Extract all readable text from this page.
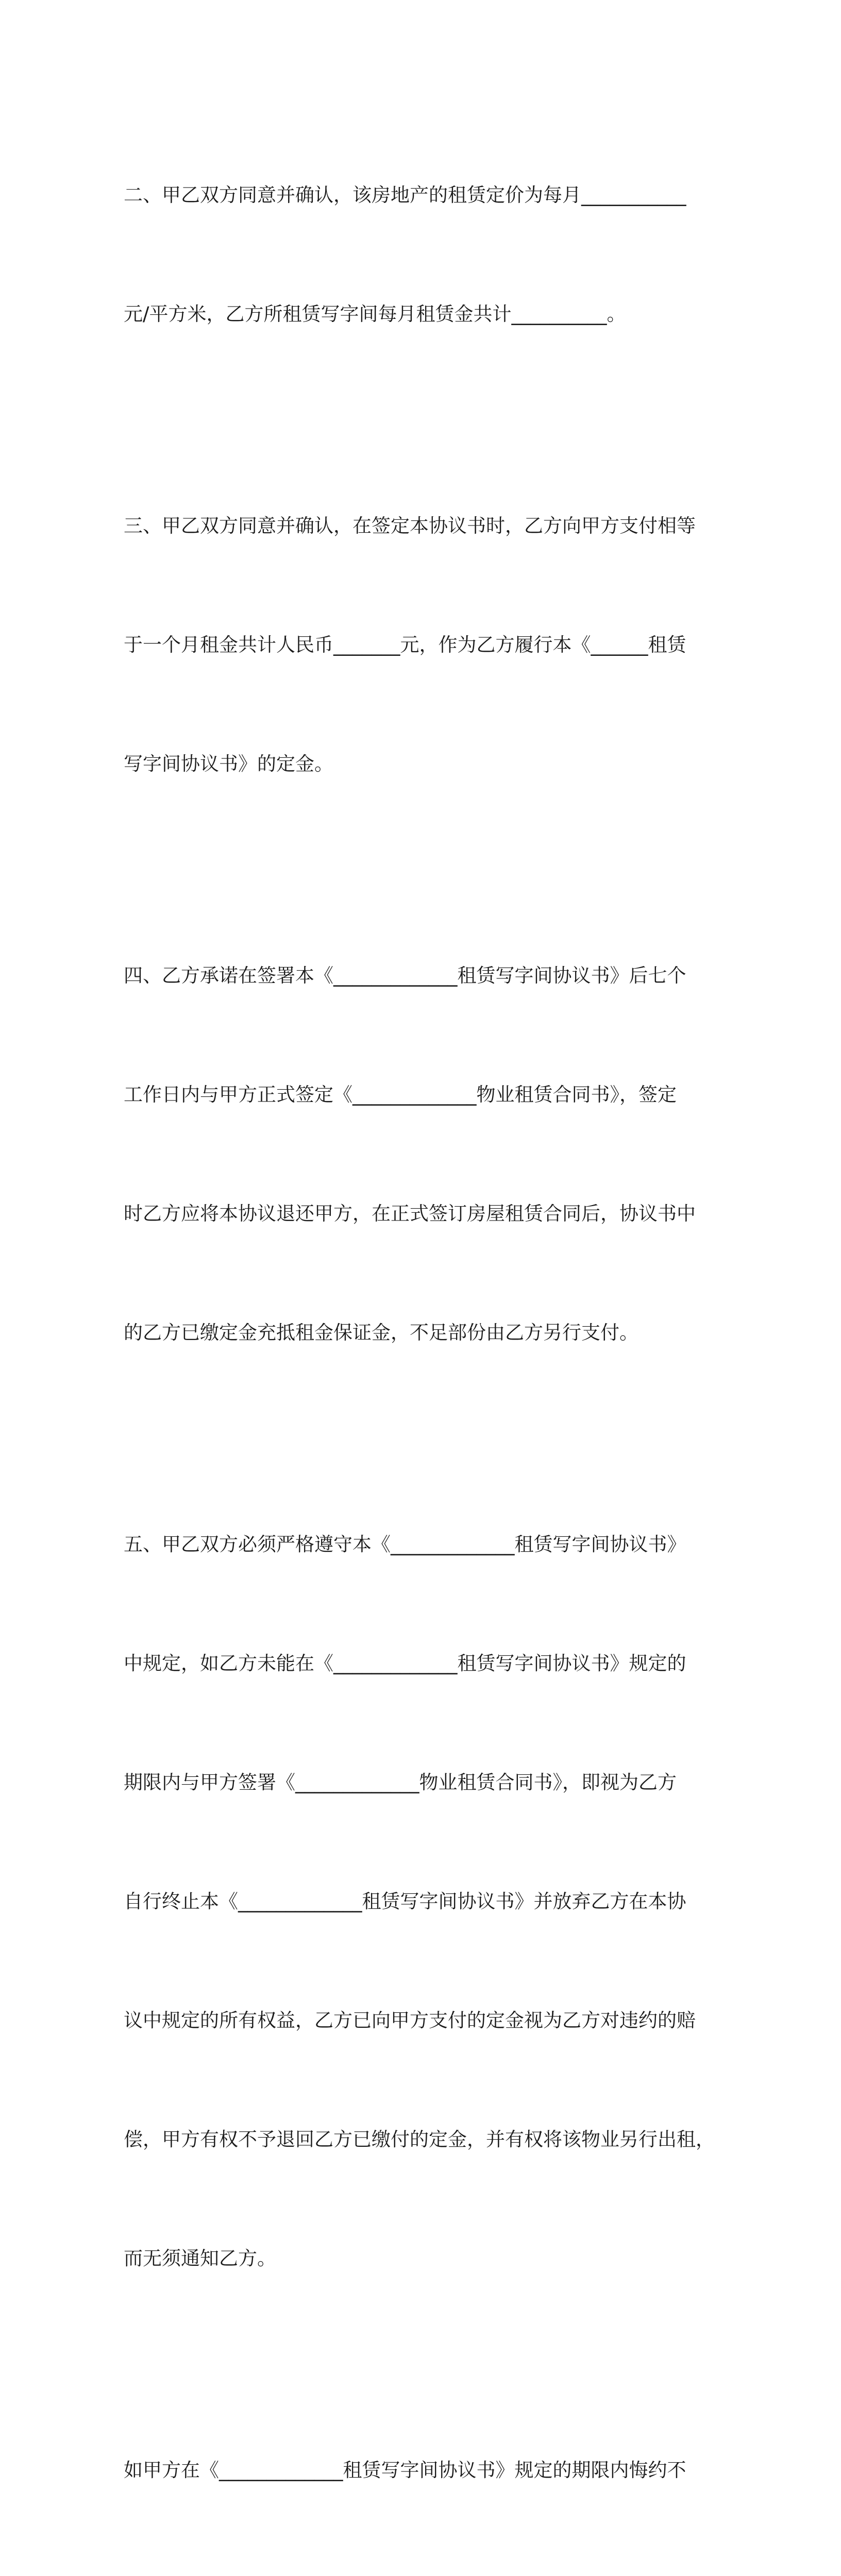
二、甲乙双方同意并确认，该房地产的租赁定价为每月___________

元/平方米，乙方所租赁写字间每月租赁金共计__________。

三、甲乙双方同意并确认，在签定本协议书时，乙方向甲方支付相等

于一个月租金共计人民币_______元，作为乙方履行本《______租赁

写字间协议书》的定金。

四、乙方承诺在签署本《_____________租赁写字间协议书》后七个

工作日内与甲方正式签定《_____________物业租赁合同书》，签定

时乙方应将本协议退还甲方，在正式签订房屋租赁合同后，协议书中

的乙方已缴定金充抵租金保证金，不足部份由乙方另行支付。

五、甲乙双方必须严格遵守本《_____________租赁写字间协议书》

中规定，如乙方未能在《_____________租赁写字间协议书》规定的

期限内与甲方签署《_____________物业租赁合同书》，即视为乙方

自行终止本《_____________租赁写字间协议书》并放弃乙方在本协

议中规定的所有权益，乙方已向甲方支付的定金视为乙方对违约的赔

偿，甲方有权不予退回乙方已缴付的定金，并有权将该物业另行出租，

而无须通知乙方。

如甲方在《_____________租赁写字间协议书》规定的期限内悔约不
